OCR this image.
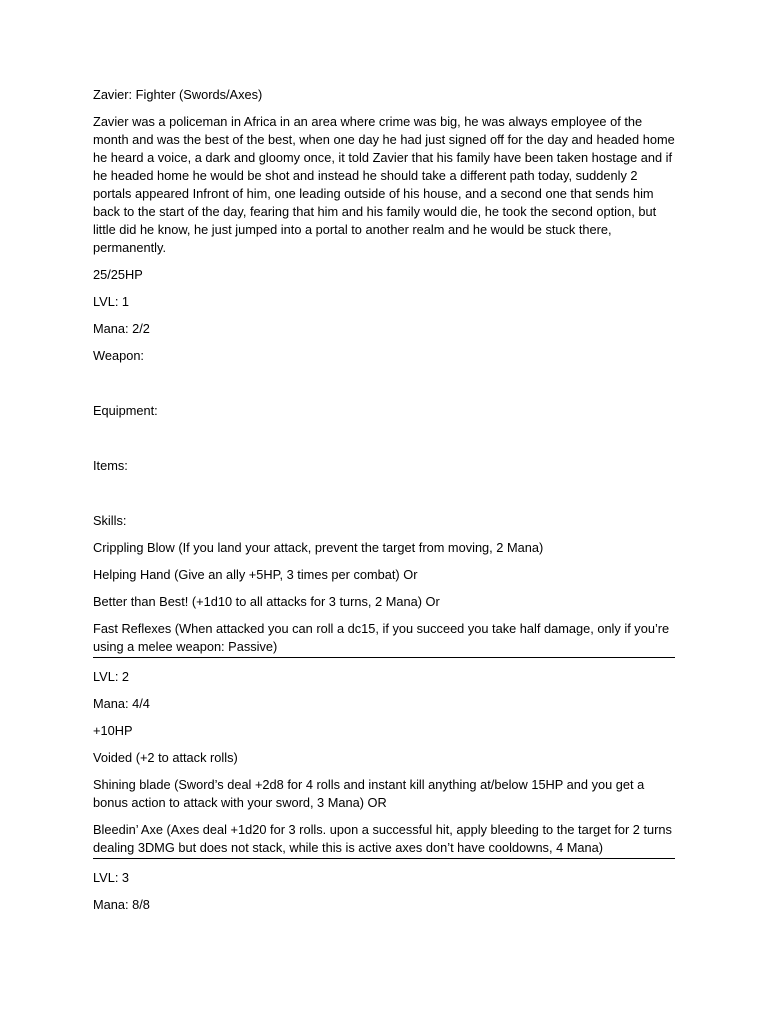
Zavier: Fighter (Swords/Axes)

Zavier was a policeman in Africa in an area where crime was big, he was always employee of the month and was the best of the best, when one day he had just signed off for the day and headed home he heard a voice, a dark and gloomy once, it told Zavier that his family have been taken hostage and if he headed home he would be shot and instead he should take a different path today, suddenly 2 portals appeared Infront of him, one leading outside of his house, and a second one that sends him back to the start of the day, fearing that him and his family would die, he took the second option, but little did he know, he just jumped into a portal to another realm and he would be stuck there, permanently.

25/25HP

LVL: 1

Mana: 2/2

Weapon:

Equipment:

Items:

Skills:

Crippling Blow (If you land your attack, prevent the target from moving, 2 Mana)

Helping Hand (Give an ally +5HP, 3 times per combat) Or

Better than Best! (+1d10 to all attacks for 3 turns, 2 Mana) Or

Fast Reflexes (When attacked you can roll a dc15, if you succeed you take half damage, only if you’re using a melee weapon: Passive)

LVL: 2

Mana: 4/4

+10HP

Voided (+2 to attack rolls)

Shining blade (Sword’s deal +2d8 for 4 rolls and instant kill anything at/below 15HP and you get a bonus action to attack with your sword, 3 Mana) OR

Bleedin’ Axe (Axes deal +1d20 for 3 rolls. upon a successful hit, apply bleeding to the target for 2 turns dealing 3DMG but does not stack, while this is active axes don’t have cooldowns, 4 Mana)

LVL: 3

Mana: 8/8
